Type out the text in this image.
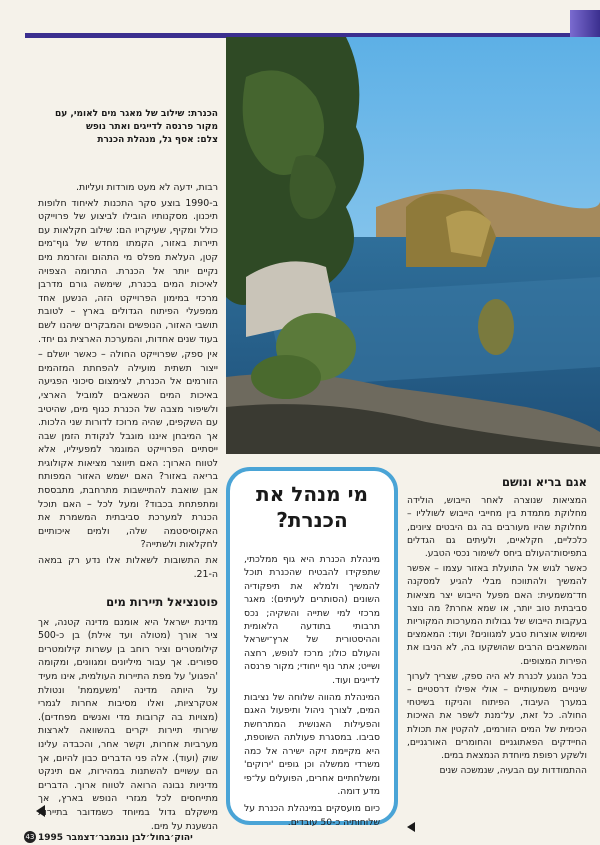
הכנרת: שילוב של מאגר מים לאומי, עם מקור פרנסה לדייגים ואתר נופש
צלם: אסף גל, מנהלת הכנרת

רבות, ידעה לא מעט מורדות ועליות.

ב-1990 בוצע סקר התכנות לאיחוד חלופות תיכנון. מסקנותיו הובילו לביצוע של פרוייקט כולל ומקיף, שעיקריו הם: שילוב חקלאות עם תיירות באזור, הקמתו מחדש של גוף־מים קטן, העלאת מפלס מי התהום והזרמת מים נקיים יותר אל הכנרת. התרומה הצפויה לאיכות המים בכנרת, שימשה גורם מדרבן מרכזי במימון הפרוייקט הזה, הנשען אחד ממפעלי הפיתוח הגדולים בארץ – לטובת תושבי האזור, הנופשים והמבקרים שיהנו לשם בעוד שנים אחדות, והמערכת הארצית גם יחד.

אין ספק, שפרוייקט החולה – כאשר יושלם – ייצור תשתית מועילה להפחתת המזהמים הזורמים אל הכנרת, לצימצום סיכוני הפגיעה באיכות המים הנשאבים למוביל הארצי, ולשיפור מצבה של הכנרת כגוף מים, שהיטיב עם השקפים, שהיה מרוכז לדורות שני הלכות. אך המיבחן איננו מוגבל לנקודת הזמן שבה ייסתיים הפרוייקט המוגמר למפעיליו, אלא לטווח הארוך: האם תיווצר מציאות אקולוגית בריאה באזור? האם ישמש האזור המפותח אבן שואבת להתיישבות מתרחבת, מתבססת ומתפתחת בכבוד? ומעל לכל – האם תוכל הכנרת למערכת סביבתית המשמרת את האקוסיסטמה שלה, ולמים איכותיים לחקלאות ולשתייה?

את התשובות לשאלות אלו נדע רק במאה ה-21.

פוטנציאל תיירות מים

מדינת ישראל היא אומנם מדינה קטנה, אך ציר אורך (מטולה ועד אילת) בן כ-500 קילומטרים וציר רוחב בן עשרות קילומטרים ספורים. אך עבור מיליונים ומגוונים, ומקומה 'הפגוע' על מפת התיירות העולמית, אינו מעיד על היותה מדינה 'משעממת' ונטולת אטקרציות, ואלו מסיבות אחרות לגמרי (מצויות בה קרובות מדי ואנשים מפחדים). שירותי תיירות יקרים בהשוואה לארצות מערביות אחרות, וקשר אחר, והכבדה עלינו שוק (ועוד). אלה פני הדברים כבון להיום, אך הם עשויים להשתנות במהירות, אם תינקט מדיניות נבונה הרואה לטווח ארוך. הדברים מתייחסים לכל מגזרי הנופש בארץ, אך מישקלם גדול במיוחד כשמדובר בתיירות הנשענת על מים.

מי מנהל את הכנרת?

מינהלת הכנרת היא גוף ממלכתי, שתפקידו להבטיח שהכנרת תוכל להמשיך ולמלא את תיפקודיה השונים (הסותרים לעיתים): מאגר מרכזי למי שתייה והשקיה; נכס תרבותי בתודעה הלאומית וההיסטורית של ארץ־ישראל והעולם כולו; מרכז לנופש, רחצה ושייט; אתר נוף ייחודי; מקור פרנסה לדייגים ועוד.

המינהלת מהווה שלוחה של נציבות המים, לצורך ניהול ותיפעול האגם והפעילות האנושית המתרחשת סביבו. במסגרת פעולתה השוטפת, היא מקיימת זיקה ישירה אל כמה משרדי ממשלה וכן גופים 'ירוקים' ומשלחתיים אחרים, הפועלים על־פי מדע דומה.

כיום מועסקים במינהלת הכנרת על שלוחותיה כ-50 עובדים.

אגם בריא ונושם

המציאות שנוצרה לאחר הייבוש, הולידה מחלוקת מתמדת בין מחייבי הייבוש לשולליו – מחלוקת שהיו מעורבים בה גם היבטים ציונים, כלכליים, חקלאיים, ולעיתים גם הגדלים בתפיסות־העולם ביחס לשימור נכסי הטבע.

כאשר לגוש אל התועלת באזור עצמו – אפשר להמשיך ולהתווכח מבלי להגיע למסקנה חד־משמעית: האם מפעל הייבוש יצר מציאות סביבתית טוב יותר, או שמא אחרת? מה נוצר בעקבות הייבוש של גבולות המערכות המקוריות ושימוש אוצרות טבע למגוונים? ועוד: המאמצים והמשאבים הרבים שהושקעו בה, לא הניבו את הפירות המצופים.

בכל הנוגע לכנרת לא היה ספק, שצריך לערוך שינויים משמעותיים – אולי אפילו דרסטיים – במערך העיבוד, הפיתוח והניקוז בשיטחי החולה. כל זאת, על־מנת לשפר את האיכות הכימית של המים הזורמים, להקטין את תכולת החיידקים הפאתוגניים והחומרים האורגניים, ולשקע רפופת מיוחדת הנמצאת במים.

ההתמודדות עם הבעיה, שנמשכה שנים

43 יהוק׳בחול׳לבן נובמבר׳דצמבר 1995
